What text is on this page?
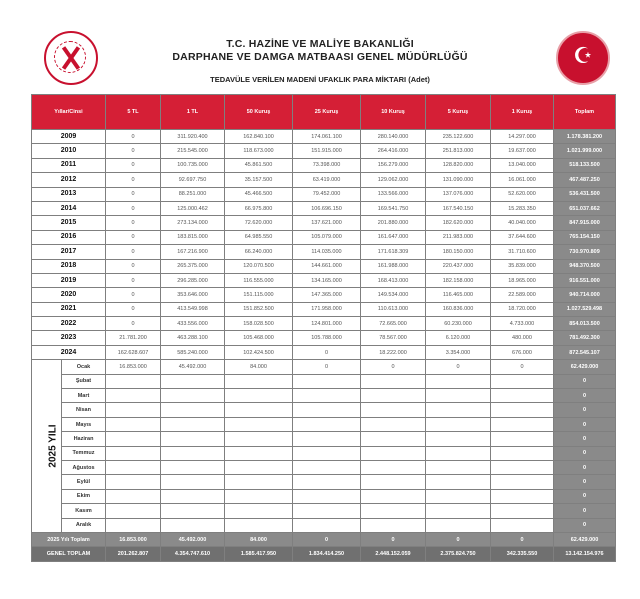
☪
T.C. HAZİNE VE MALİYE BAKANLIĞI
DARPHANE VE DAMGA MATBAASI GENEL MÜDÜRLÜĞÜ
TEDAVÜLE VERİLEN MADENİ UFAKLIK PARA MİKTARI (Adet)
Yıllar/Cinsi		5 TL	1 TL	50 Kuruş	25 Kuruş	10 Kuruş	5 Kuruş	1 Kuruş	Toplam
2009		0	311.920.400	162.840.100	174.061.100	280.140.000	235.122.600	14.297.000	1.178.381.200
2010		0	215.545.000	118.673.000	151.915.000	264.416.000	251.813.000	19.637.000	1.021.999.000
2011		0	100.735.000	45.861.500	73.398.000	156.279.000	128.820.000	13.040.000	518.133.500
2012		0	92.697.750	35.157.500	63.419.000	129.062.000	131.090.000	16.061.000	467.487.250
2013		0	88.251.000	45.466.500	79.452.000	133.566.000	137.076.000	52.620.000	536.431.500
2014		0	125.000.462	66.975.800	106.696.150	169.541.750	167.540.150	15.283.350	651.037.662
2015		0	273.134.000	72.620.000	137.621.000	201.880.000	182.620.000	40.040.000	847.915.000
2016		0	183.815.000	64.985.550	105.079.000	161.647.000	211.983.000	37.644.600	765.154.150
2017		0	167.216.900	66.240.000	114.035.000	171.618.309	180.150.000	31.710.600	730.970.809
2018		0	265.375.000	120.070.500	144.661.000	161.988.000	220.437.000	35.839.000	948.370.500
2019		0	296.285.000	116.555.000	134.165.000	168.413.000	182.158.000	18.965.000	916.551.000
2020		0	353.646.000	151.115.000	147.365.000	149.534.000	116.465.000	22.589.000	940.714.000
2021		0	413.549.998	151.852.500	171.958.000	110.613.000	160.836.000	18.720.000	1.027.529.498
2022		0	433.556.000	158.028.500	124.801.000	72.665.000	60.230.000	4.733.000	854.013.500
2023		21.781.200	463.288.100	105.468.000	105.788.000	78.567.000	6.120.000	480.000	781.492.300
2024		162.628.607	585.240.000	102.424.500	0	18.222.000	3.354.000	676.000	872.545.107
2025 YILI	Ocak	16.853.000	45.492.000	84.000	0	0	0	0	62.429.000
	Şubat								0
	Mart								0
	Nisan								0
	Mayıs								0
	Haziran								0
	Temmuz								0
	Ağustos								0
	Eylül								0
	Ekim								0
	Kasım								0
	Aralık								0
2025 Yılı Toplam		16.853.000	45.492.000	84.000	0	0	0	0	62.429.000
GENEL TOPLAM		201.262.807	4.354.747.610	1.585.417.950	1.834.414.250	2.448.152.059	2.375.824.750	342.335.550	13.142.154.976
